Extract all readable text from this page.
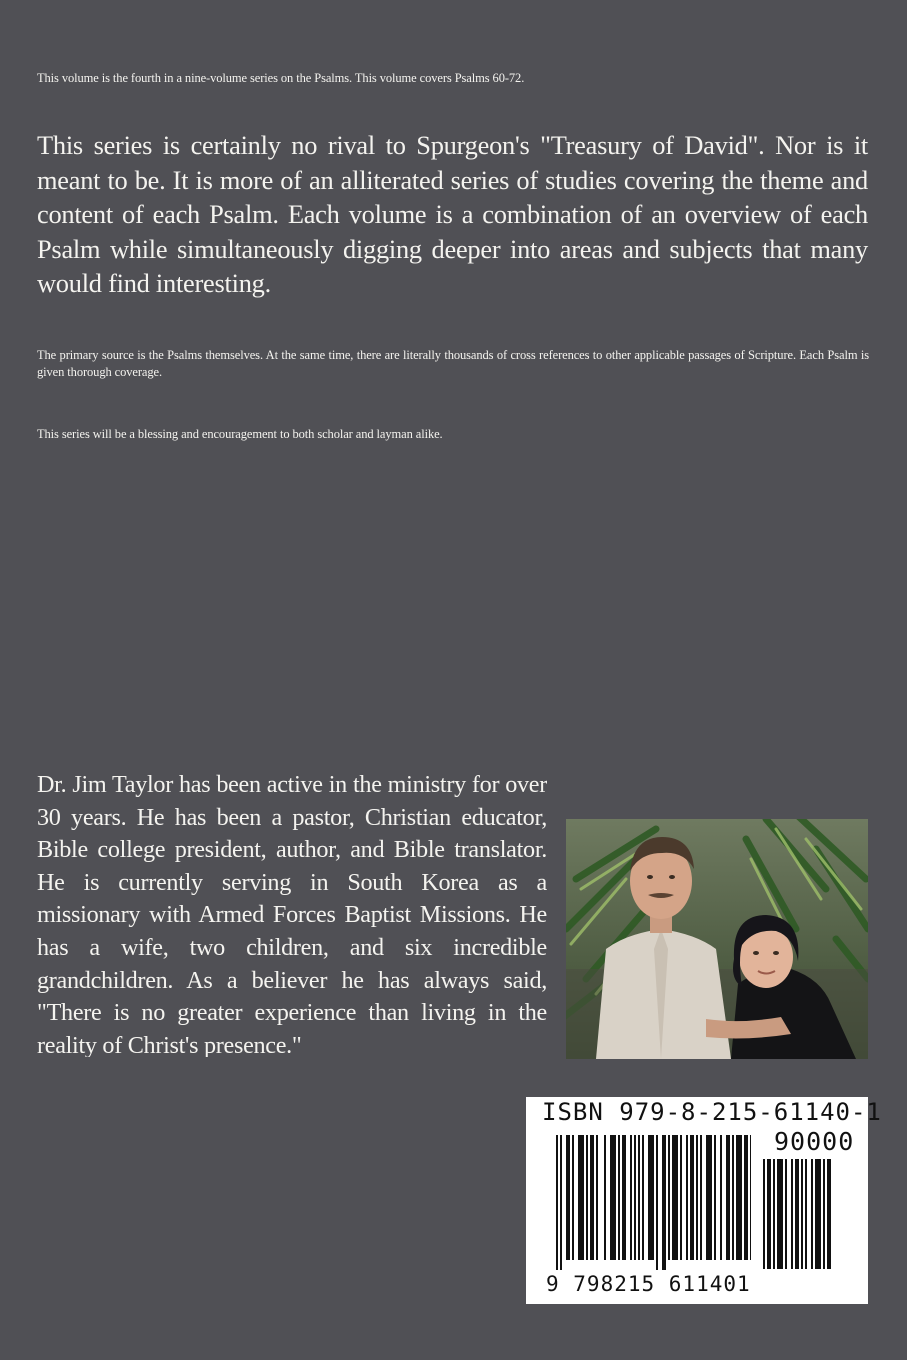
This volume is the fourth in a nine-volume series on the Psalms. This volume covers Psalms 60-72.

This series is certainly no rival to Spurgeon's "Treasury of David". Nor is it meant to be. It is more of an alliterated series of studies covering the theme and content of each Psalm. Each volume is a combination of an overview of each Psalm while simultaneously digging deeper into areas and subjects that many would find interesting.

The primary source is the Psalms themselves. At the same time, there are literally thousands of cross references to other applicable passages of Scripture. Each Psalm is given thorough coverage.

This series will be a blessing and encouragement to both scholar and layman alike.

Dr. Jim Taylor has been active in the ministry for over 30 years. He has been a pastor, Christian educator, Bible college president, author, and Bible translator. He is currently serving in South Korea as a missionary with Armed Forces Baptist Missions. He has a wife, two children, and six incredible grandchildren. As a believer he has always said, "There is no greater experience than living in the reality of Christ's presence."

ISBN 979-8-215-61140-1

90000

9 798215 611401
